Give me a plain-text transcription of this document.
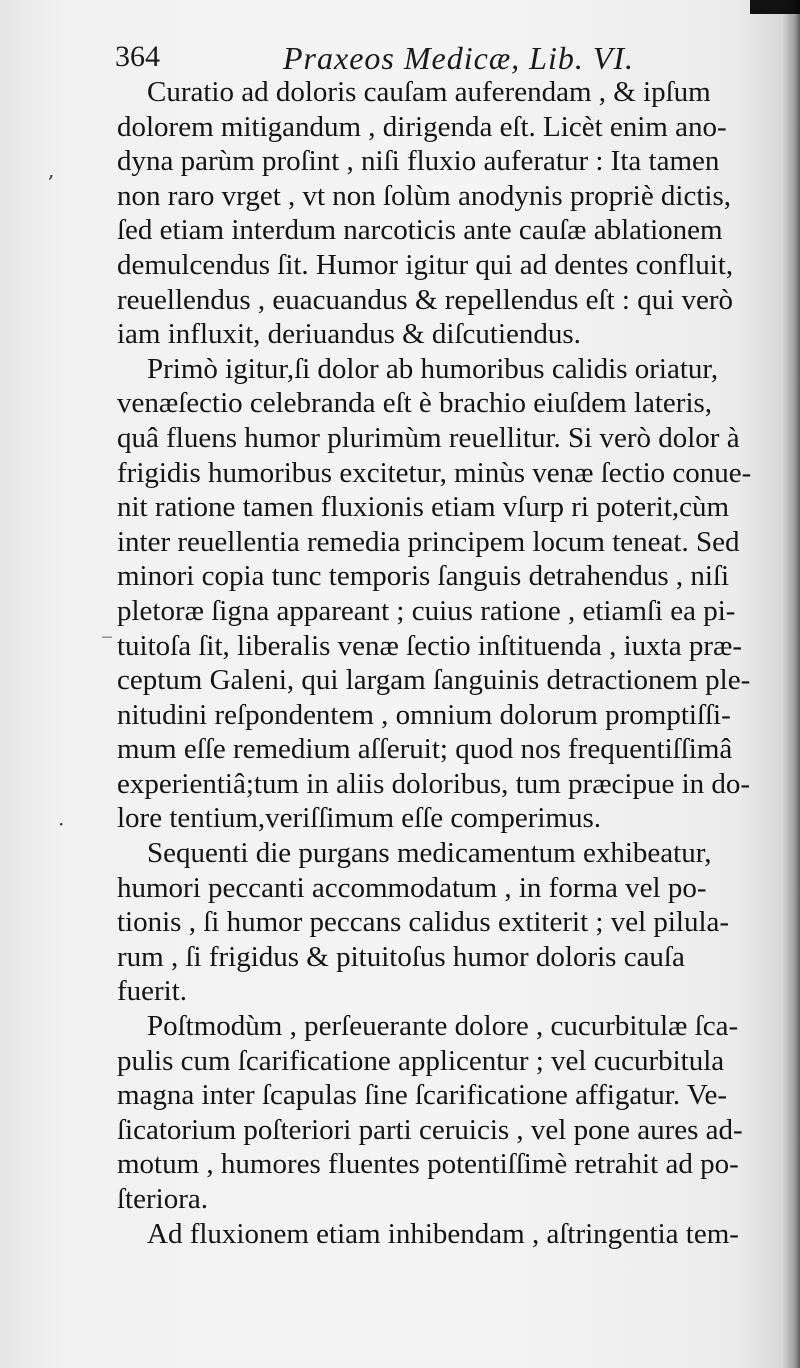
364	Praxeos Medicæ, Lib. VI.
,
_
·
Curatio ad doloris cauſam auferendam , & ipſum
dolorem mitigandum , dirigenda eſt. Licèt enim ano-
dyna parùm proſint , niſi fluxio auferatur : Ita tamen
non raro vrget , vt non ſolùm anodynis propriè dictis,
ſed etiam interdum narcoticis ante cauſæ ablationem
demulcendus ſit. Humor igitur qui ad dentes confluit,
reuellendus , euacuandus & repellendus eſt : qui verò
iam influxit, deriuandus & diſcutiendus.
Primò igitur,ſi dolor ab humoribus calidis oriatur,
venæſectio celebranda eſt è brachio eiuſdem lateris,
quâ fluens humor plurimùm reuellitur. Si verò dolor à
frigidis humoribus excitetur, minùs venæ ſectio conue-
nit ratione tamen fluxionis etiam vſurp ri poterit,cùm
inter reuellentia remedia principem locum teneat. Sed
minori copia tunc temporis ſanguis detrahendus , niſi
pletoræ ſigna appareant ; cuius ratione , etiamſi ea pi-
tuitoſa ſit, liberalis venæ ſectio inſtituenda , iuxta præ-
ceptum Galeni, qui largam ſanguinis detractionem ple-
nitudini reſpondentem , omnium dolorum promptiſſi-
mum eſſe remedium aſſeruit; quod nos frequentiſſimâ
experientiâ;tum in aliis doloribus, tum præcipue in do-
lore tentium,veriſſimum eſſe comperimus.
Sequenti die purgans medicamentum exhibeatur,
humori peccanti accommodatum , in forma vel po-
tionis , ſi humor peccans calidus extiterit ; vel pilula-
rum , ſi frigidus & pituitoſus humor doloris cauſa
fuerit.
Poſtmodùm , perſeuerante dolore , cucurbitulæ ſca-
pulis cum ſcarificatione applicentur ; vel cucurbitula
magna inter ſcapulas ſine ſcarificatione affigatur. Ve-
ſicatorium poſteriori parti ceruicis , vel pone aures ad-
motum , humores fluentes potentiſſimè retrahit ad po-
ſteriora.
Ad fluxionem etiam inhibendam , aſtringentia tem-
